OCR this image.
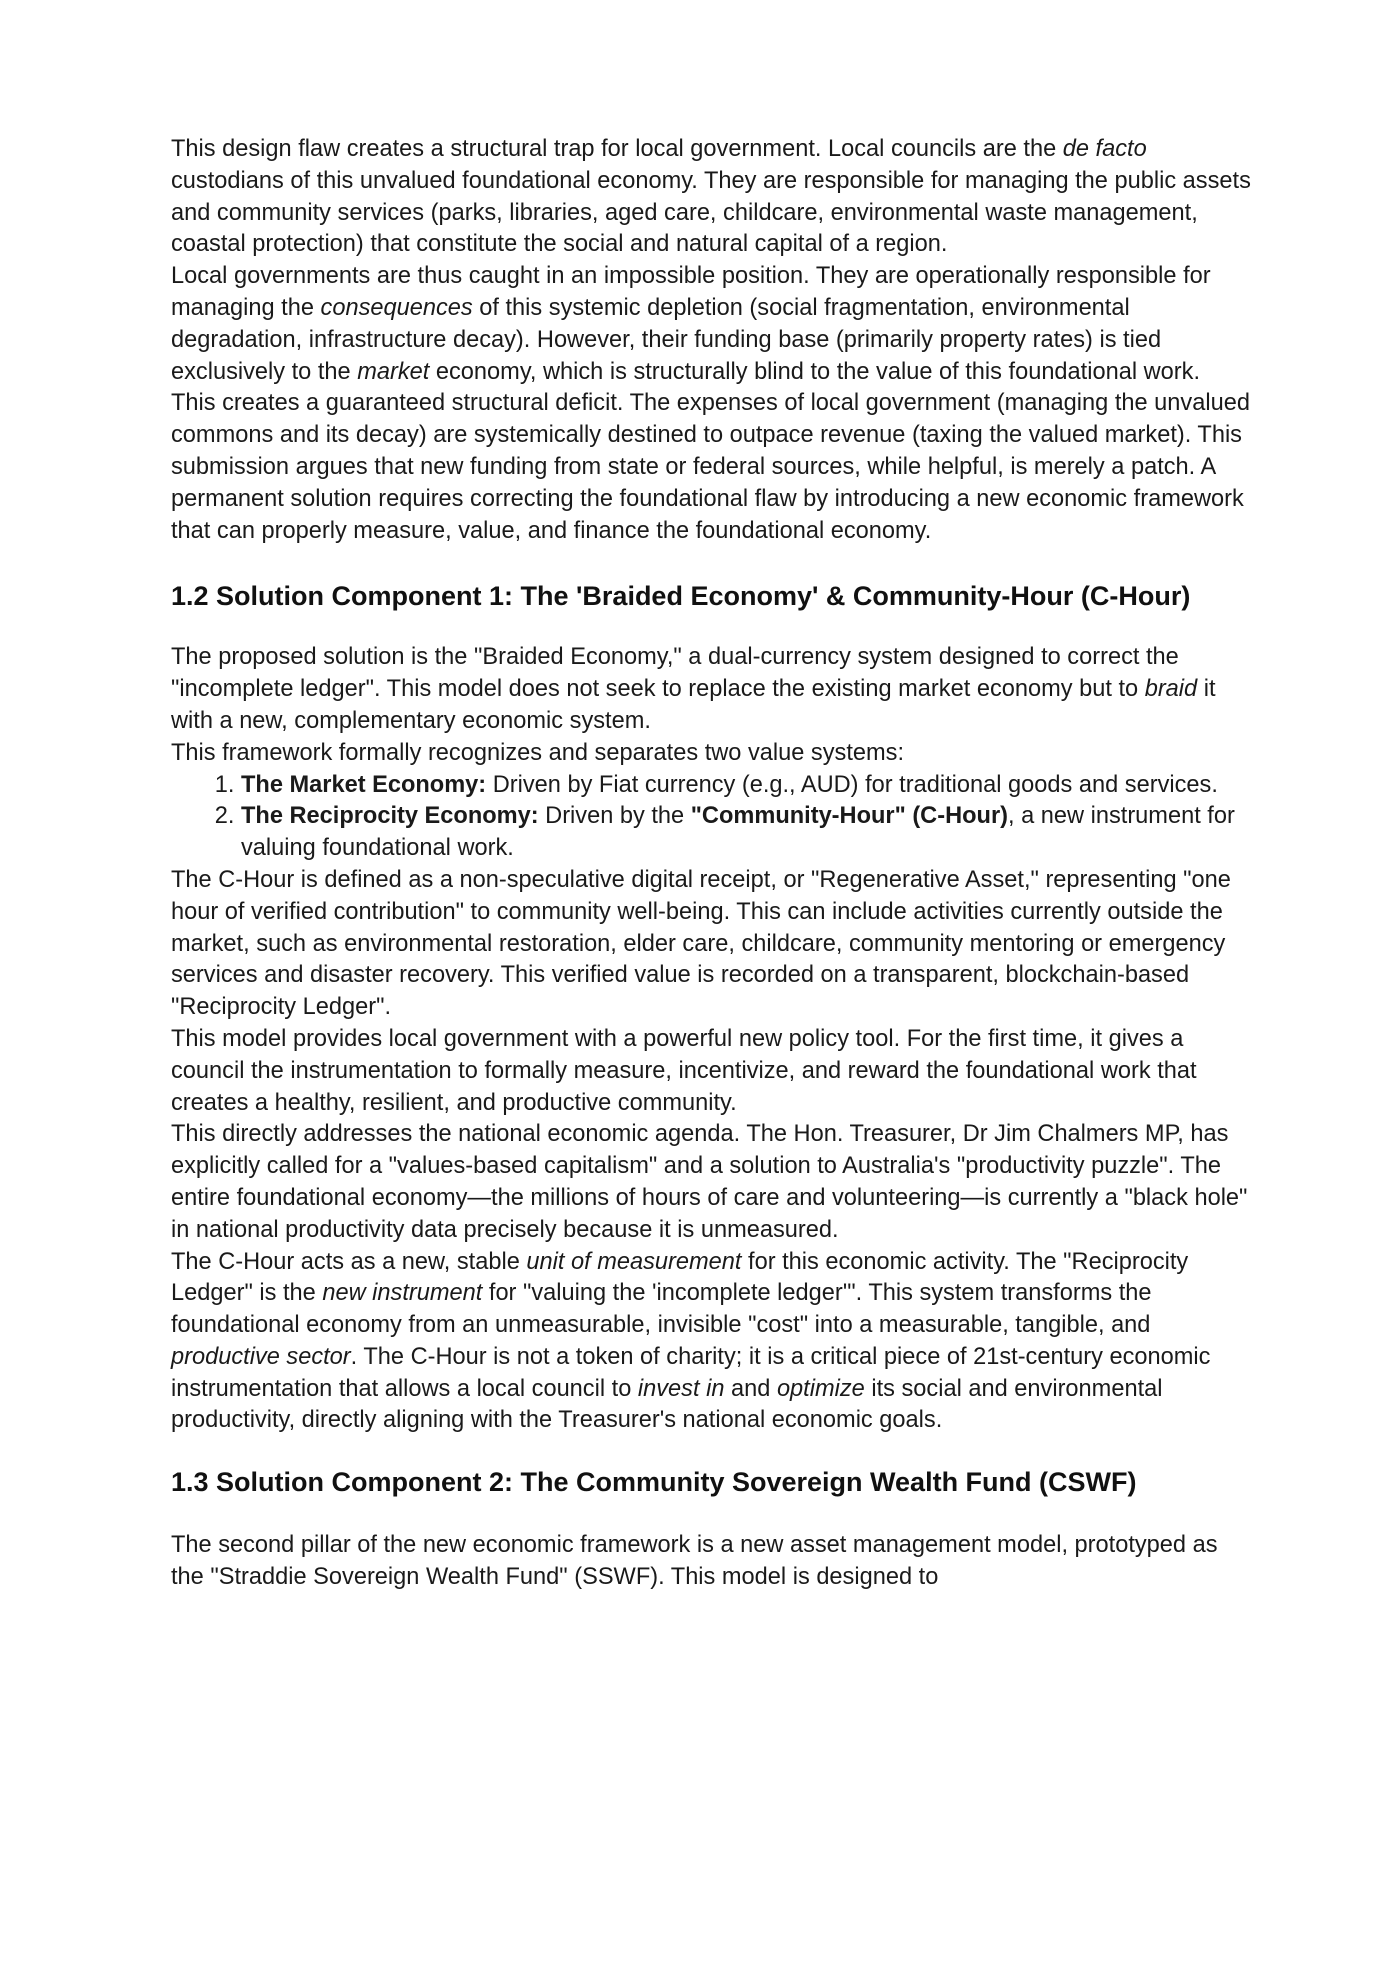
This design flaw creates a structural trap for local government. Local councils are the de facto custodians of this unvalued foundational economy. They are responsible for managing the public assets and community services (parks, libraries, aged care, childcare, environmental waste management, coastal protection) that constitute the social and natural capital of a region.

Local governments are thus caught in an impossible position. They are operationally responsible for managing the consequences of this systemic depletion (social fragmentation, environmental degradation, infrastructure decay). However, their funding base (primarily property rates) is tied exclusively to the market economy, which is structurally blind to the value of this foundational work.

This creates a guaranteed structural deficit. The expenses of local government (managing the unvalued commons and its decay) are systemically destined to outpace revenue (taxing the valued market). This submission argues that new funding from state or federal sources, while helpful, is merely a patch. A permanent solution requires correcting the foundational flaw by introducing a new economic framework that can properly measure, value, and finance the foundational economy.

1.2 Solution Component 1: The 'Braided Economy' & Community-Hour (C-Hour)

The proposed solution is the "Braided Economy," a dual-currency system designed to correct the "incomplete ledger". This model does not seek to replace the existing market economy but to braid it with a new, complementary economic system.

This framework formally recognizes and separates two value systems:

1. The Market Economy: Driven by Fiat currency (e.g., AUD) for traditional goods and services.
2. The Reciprocity Economy: Driven by the "Community-Hour" (C-Hour), a new instrument for valuing foundational work.

The C-Hour is defined as a non-speculative digital receipt, or "Regenerative Asset," representing "one hour of verified contribution" to community well-being. This can include activities currently outside the market, such as environmental restoration, elder care, childcare, community mentoring or emergency services and disaster recovery. This verified value is recorded on a transparent, blockchain-based "Reciprocity Ledger".

This model provides local government with a powerful new policy tool. For the first time, it gives a council the instrumentation to formally measure, incentivize, and reward the foundational work that creates a healthy, resilient, and productive community.

This directly addresses the national economic agenda. The Hon. Treasurer, Dr Jim Chalmers MP, has explicitly called for a "values-based capitalism" and a solution to Australia's "productivity puzzle". The entire foundational economy—the millions of hours of care and volunteering—is currently a "black hole" in national productivity data precisely because it is unmeasured.

The C-Hour acts as a new, stable unit of measurement for this economic activity. The "Reciprocity Ledger" is the new instrument for "valuing the 'incomplete ledger'". This system transforms the foundational economy from an unmeasurable, invisible "cost" into a measurable, tangible, and productive sector. The C-Hour is not a token of charity; it is a critical piece of 21st-century economic instrumentation that allows a local council to invest in and optimize its social and environmental productivity, directly aligning with the Treasurer's national economic goals.

1.3 Solution Component 2: The Community Sovereign Wealth Fund (CSWF)

The second pillar of the new economic framework is a new asset management model, prototyped as the "Straddie Sovereign Wealth Fund" (SSWF). This model is designed to
